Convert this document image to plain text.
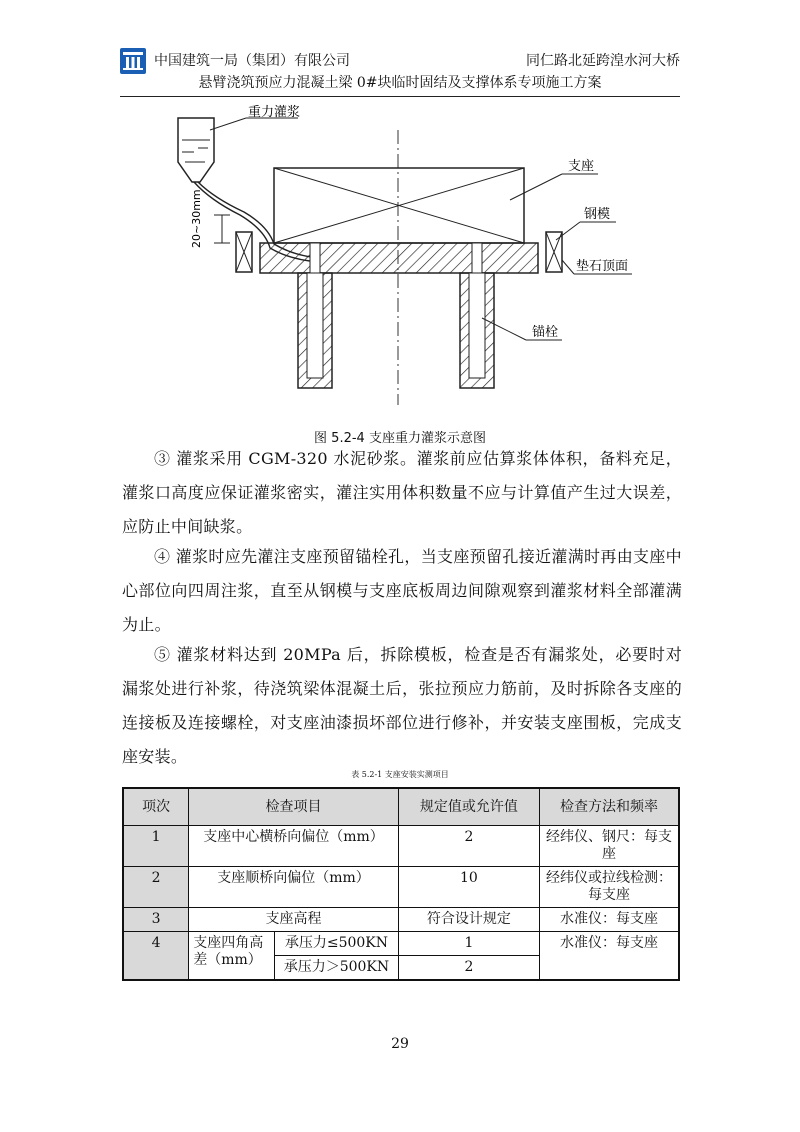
中国建筑一局（集团）有限公司	同仁路北延跨湟水河大桥
悬臂浇筑预应力混凝土梁 0#块临时固结及支撑体系专项施工方案
20~30mm
重力灌浆
支座
钢模
垫石顶面
锚栓
图 5.2-4 支座重力灌浆示意图
③ 灌浆采用 CGM-320 水泥砂浆。灌浆前应估算浆体体积，备料充足，灌浆口高度应保证灌浆密实，灌注实用体积数量不应与计算值产生过大误差，应防止中间缺浆。
④ 灌浆时应先灌注支座预留锚栓孔，当支座预留孔接近灌满时再由支座中心部位向四周注浆，直至从钢模与支座底板周边间隙观察到灌浆材料全部灌满为止。
⑤ 灌浆材料达到 20MPa 后，拆除模板，检查是否有漏浆处，必要时对漏浆处进行补浆，待浇筑梁体混凝土后，张拉预应力筋前，及时拆除各支座的连接板及连接螺栓，对支座油漆损坏部位进行修补，并安装支座围板，完成支座安装。
表 5.2-1 支座安装实测项目
项次	检查项目		规定值或允许值	检查方法和频率
1	支座中心横桥向偏位（mm）		2	经纬仪、钢尺：每支座
2	支座顺桥向偏位（mm）		10	经纬仪或拉线检测：每支座
3	支座高程		符合设计规定	水准仪：每支座
4	支座四角高差（mm）	承压力≤500KN	1	水准仪：每支座
		承压力＞500KN	2	
29
